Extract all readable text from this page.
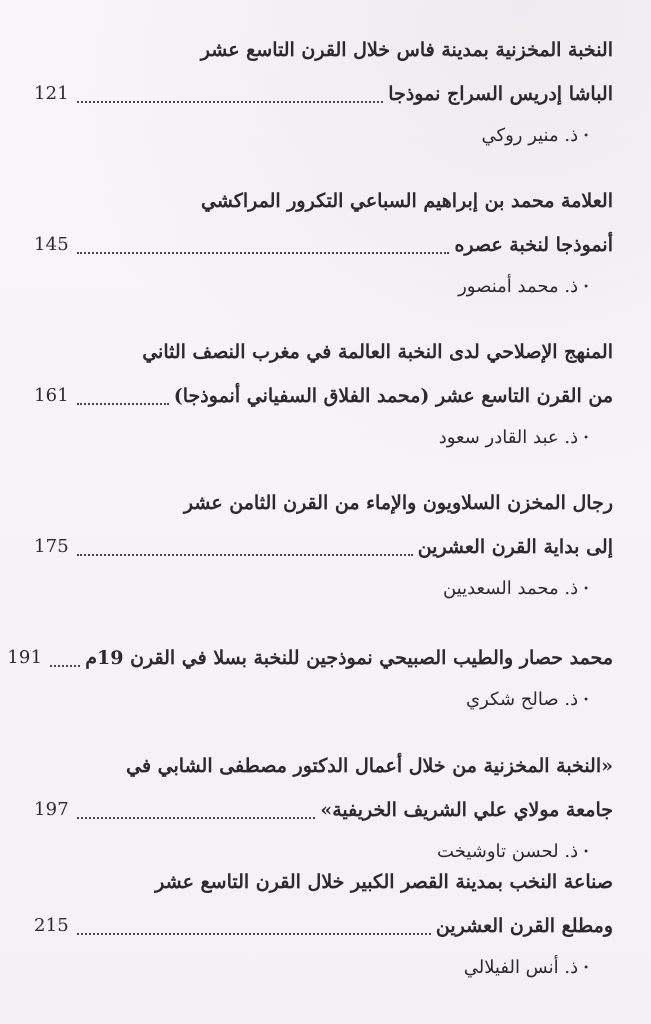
النخبة المخزنية بمدينة فاس خلال القرن التاسع عشر
الباشا إدريس السراج نموذجا
121
•
ذ. منير روكي
العلامة محمد بن إبراهيم السباعي التكرور المراكشي
أنموذجا لنخبة عصره
145
•
ذ. محمد أمنصور
المنهج الإصلاحي لدى النخبة العالمة في مغرب النصف الثاني
من القرن التاسع عشر (محمد الفلاق السفياني أنموذجا)
161
•
ذ. عبد القادر سعود
رجال المخزن السلاويون والإماء من القرن الثامن عشر
إلى بداية القرن العشرين
175
•
ذ. محمد السعديين
محمد حصار والطيب الصبيحي نموذجين للنخبة بسلا في القرن 19م
191
•
ذ. صالح شكري
«النخبة المخزنية من خلال أعمال الدكتور مصطفى الشابي في
جامعة مولاي علي الشريف الخريفية»
197
•
ذ. لحسن تاوشيخت
صناعة النخب بمدينة القصر الكبير خلال القرن التاسع عشر
ومطلع القرن العشرين
215
•
ذ. أنس الفيلالي
